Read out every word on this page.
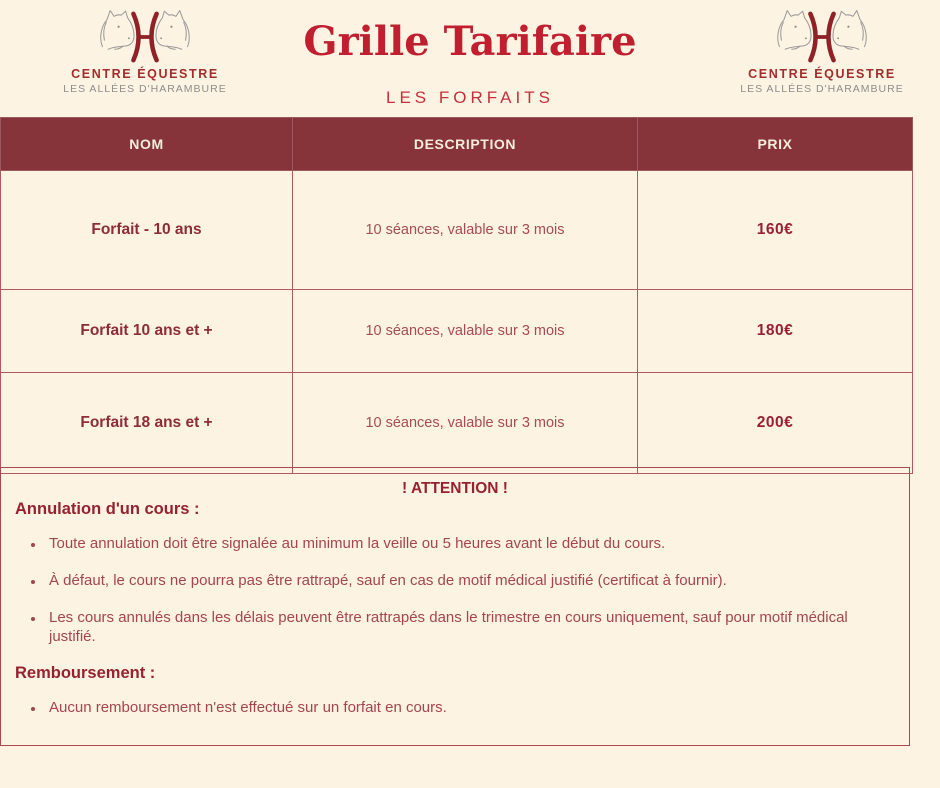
CENTRE ÉQUESTRE
LES ALLÉES D'HARAMBURE
Grille Tarifaire
LES FORFAITS
CENTRE ÉQUESTRE
LES ALLÉES D'HARAMBURE
NOM	DESCRIPTION	PRIX
Forfait - 10 ans	10 séances, valable sur 3 mois	160€
Forfait 10 ans et +	10 séances, valable sur 3 mois	180€
Forfait 18 ans et +	10 séances, valable sur 3 mois	200€
! ATTENTION !
Annulation d'un cours :
• Toute annulation doit être signalée au minimum la veille ou 5 heures avant le début du cours.
• À défaut, le cours ne pourra pas être rattrapé, sauf en cas de motif médical justifié (certificat à fournir).
• Les cours annulés dans les délais peuvent être rattrapés dans le trimestre en cours uniquement, sauf pour motif médical justifié.
Remboursement :
• Aucun remboursement n'est effectué sur un forfait en cours.
